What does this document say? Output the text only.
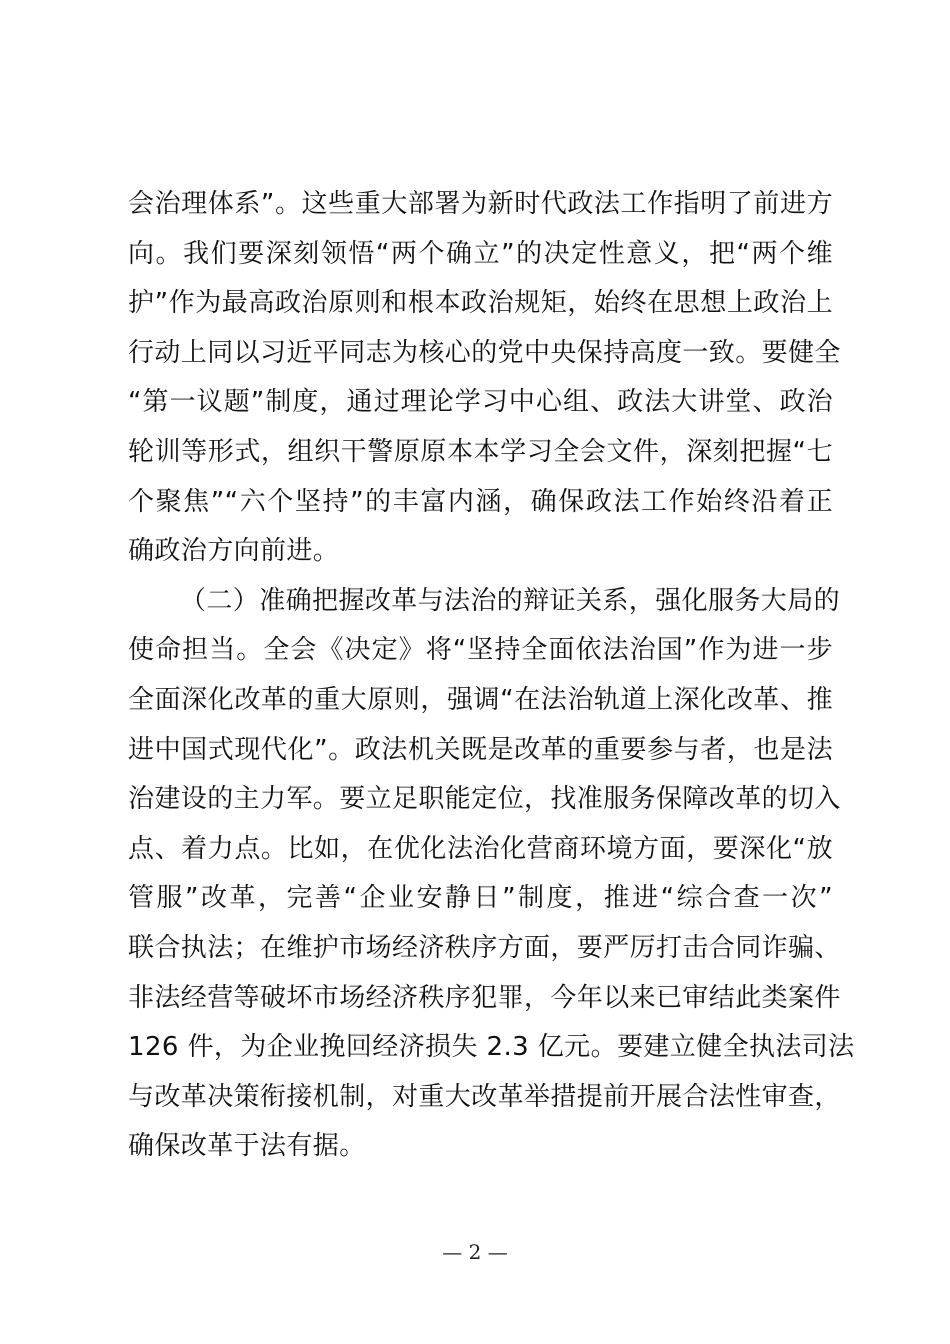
会治理体系”。这些重大部署为新时代政法工作指明了前进方
向。我们要深刻领悟“两个确立”的决定性意义，把“两个维
护”作为最高政治原则和根本政治规矩，始终在思想上政治上
行动上同以习近平同志为核心的党中央保持高度一致。要健全
“第一议题”制度，通过理论学习中心组、政法大讲堂、政治
轮训等形式，组织干警原原本本学习全会文件，深刻把握“七
个聚焦”“六个坚持”的丰富内涵，确保政法工作始终沿着正
确政治方向前进。
（二）准确把握改革与法治的辩证关系，强化服务大局的
使命担当。全会《决定》将“坚持全面依法治国”作为进一步
全面深化改革的重大原则，强调“在法治轨道上深化改革、推
进中国式现代化”。政法机关既是改革的重要参与者，也是法
治建设的主力军。要立足职能定位，找准服务保障改革的切入
点、着力点。比如，在优化法治化营商环境方面，要深化“放
管服”改革，完善“企业安静日”制度，推进“综合查一次”
联合执法；在维护市场经济秩序方面，要严厉打击合同诈骗、
非法经营等破坏市场经济秩序犯罪，今年以来已审结此类案件
126 件，为企业挽回经济损失 2.3 亿元。要建立健全执法司法
与改革决策衔接机制，对重大改革举措提前开展合法性审查，
确保改革于法有据。
— 2 —
